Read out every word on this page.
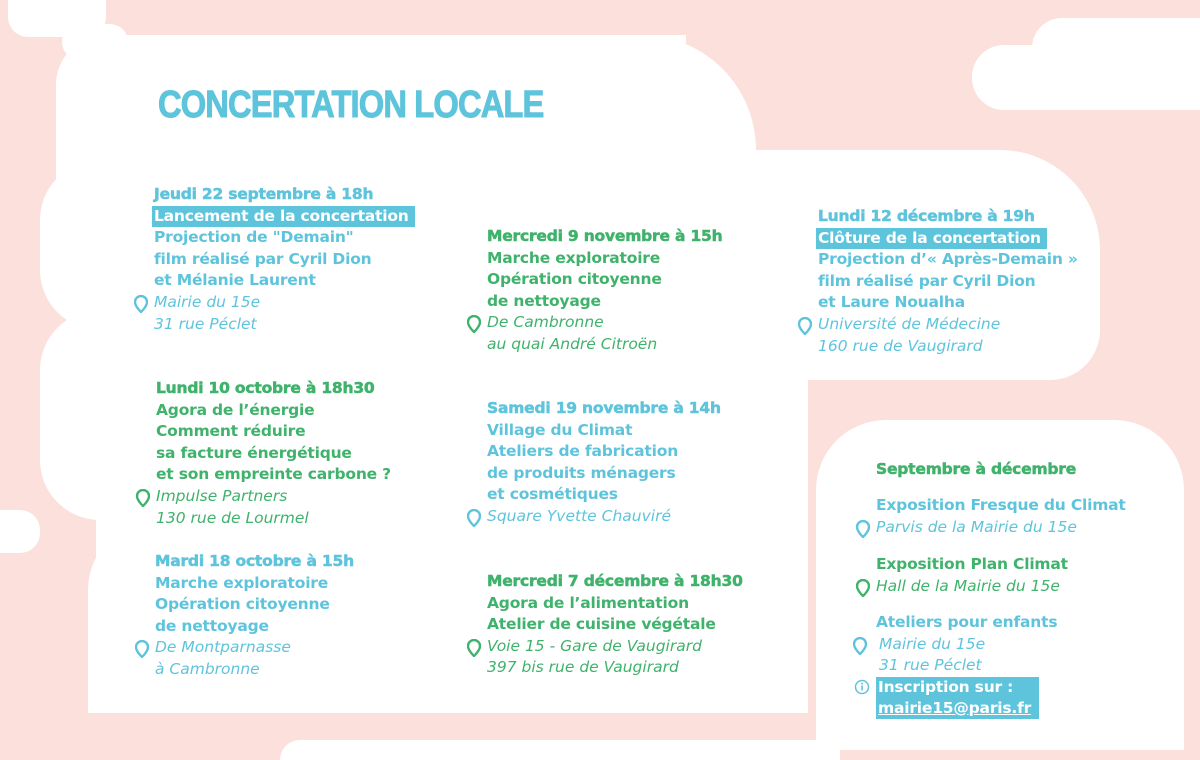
CONCERTATION LOCALE
Jeudi 22 septembre à 18h
Lancement de la concertation
Projection de "Demain"
film réalisé par Cyril Dion
et Mélanie Laurent
Mairie du 15e
31 rue Péclet
Lundi 10 octobre à 18h30
Agora de l’énergie
Comment réduire
sa facture énergétique
et son empreinte carbone ?
Impulse Partners
130 rue de Lourmel
Mardi 18 octobre à 15h
Marche exploratoire
Opération citoyenne
de nettoyage
De Montparnasse
à Cambronne
Mercredi 9 novembre à 15h
Marche exploratoire
Opération citoyenne
de nettoyage
De Cambronne
au quai André Citroën
Samedi 19 novembre à 14h
Village du Climat
Ateliers de fabrication
de produits ménagers
et cosmétiques
Square Yvette Chauviré
Mercredi 7 décembre à 18h30
Agora de l’alimentation
Atelier de cuisine végétale
Voie 15 - Gare de Vaugirard
397 bis rue de Vaugirard
Lundi 12 décembre à 19h
Clôture de la concertation
Projection d’« Après-Demain »
film réalisé par Cyril Dion
et Laure Noualha
Université de Médecine
160 rue de Vaugirard
Septembre à décembre
Exposition Fresque du Climat
Parvis de la Mairie du 15e
Exposition Plan Climat
Hall de la Mairie du 15e
Ateliers pour enfants
Mairie du 15e
31 rue Péclet
Inscription sur :
mairie15@paris.fr
